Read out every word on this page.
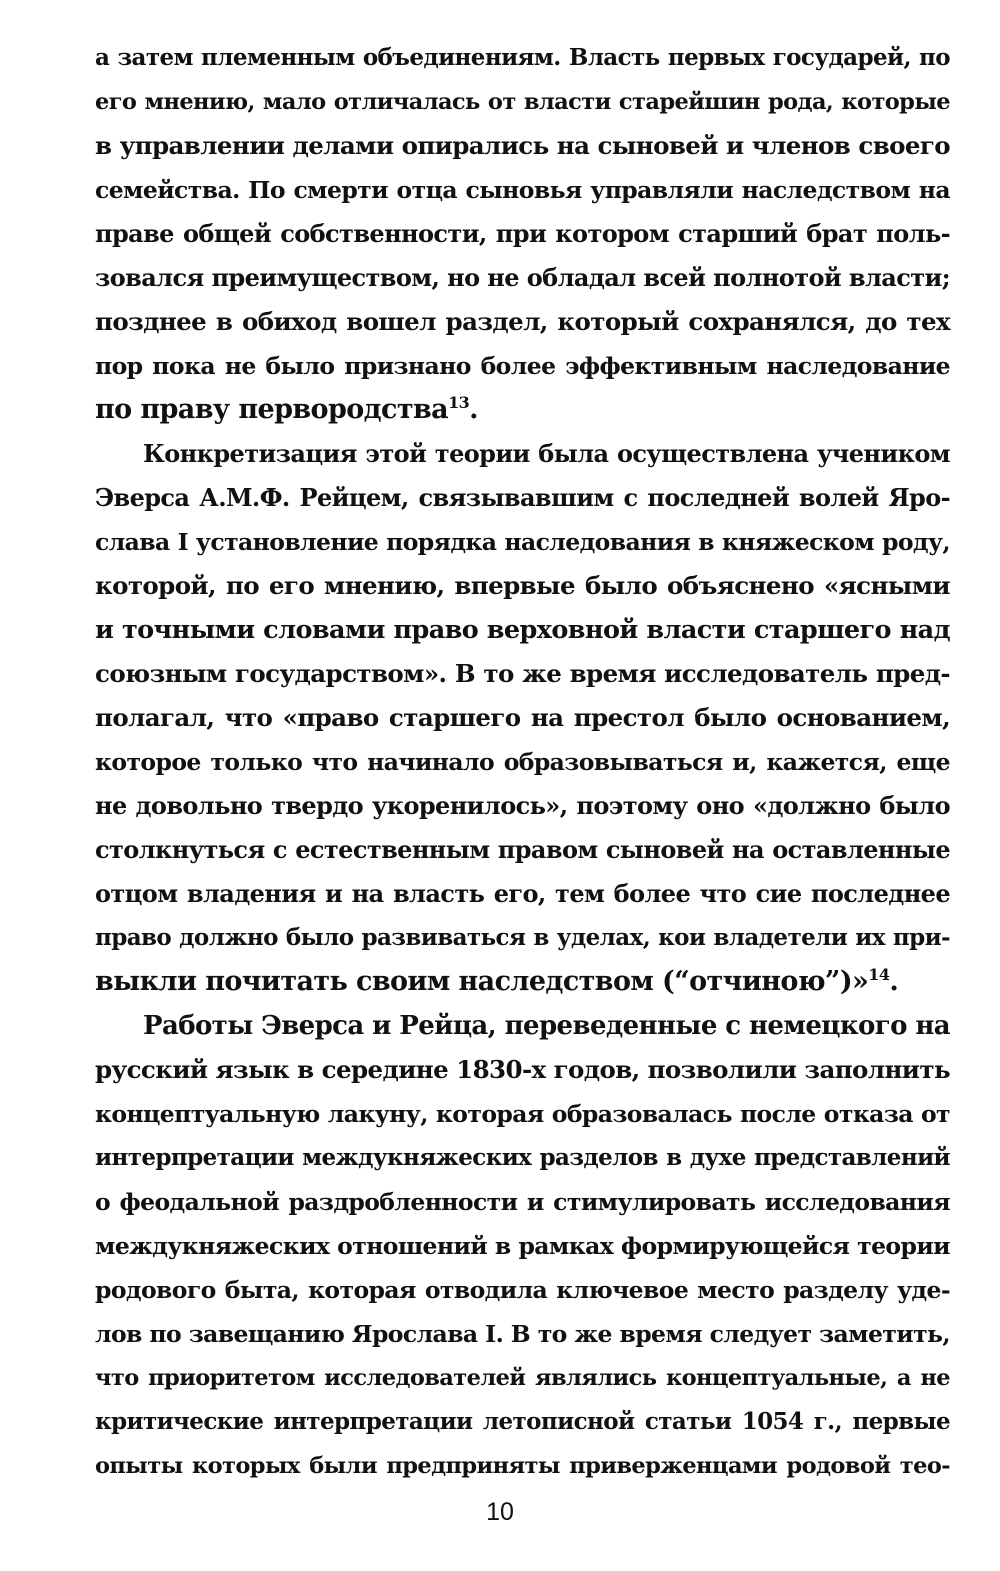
а затем племенным объединениям. Власть первых государей, по
его мнению, мало отличалась от власти старейшин рода, которые
в управлении делами опирались на сыновей и членов своего
семейства. По смерти отца сыновья управляли наследством на
праве общей собственности, при котором старший брат поль-
зовался преимуществом, но не обладал всей полнотой власти;
позднее в обиход вошел раздел, который сохранялся, до тех
пор пока не было признано более эффективным наследование
по праву первородства$^{13}$.
Конкретизация этой теории была осуществлена учеником
Эверса А.М.Ф. Рейцем, связывавшим с последней волей Яро-
слава I установление порядка наследования в княжеском роду,
которой, по его мнению, впервые было объяснено «ясными
и точными словами право верховной власти старшего над
союзным государством». В то же время исследователь пред-
полагал, что «право старшего на престол было основанием,
которое только что начинало образовываться и, кажется, еще
не довольно твердо укоренилось», поэтому оно «должно было
столкнуться с естественным правом сыновей на оставленные
отцом владения и на власть его, тем более что сие последнее
право должно было развиваться в уделах, кои владетели их при-
выкли почитать своим наследством (“отчиною”)»$^{14}$.
Работы Эверса и Рейца, переведенные с немецкого на
русский язык в середине 1830-х годов, позволили заполнить
концептуальную лакуну, которая образовалась после отказа от
интерпретации междукняжеских разделов в духе представлений
о феодальной раздробленности и стимулировать исследования
междукняжеских отношений в рамках формирующейся теории
родового быта, которая отводила ключевое место разделу уде-
лов по завещанию Ярослава I. В то же время следует заметить,
что приоритетом исследователей являлись концептуальные, а не
критические интерпретации летописной статьи 1054 г., первые
опыты которых были предприняты приверженцами родовой тео-
10
